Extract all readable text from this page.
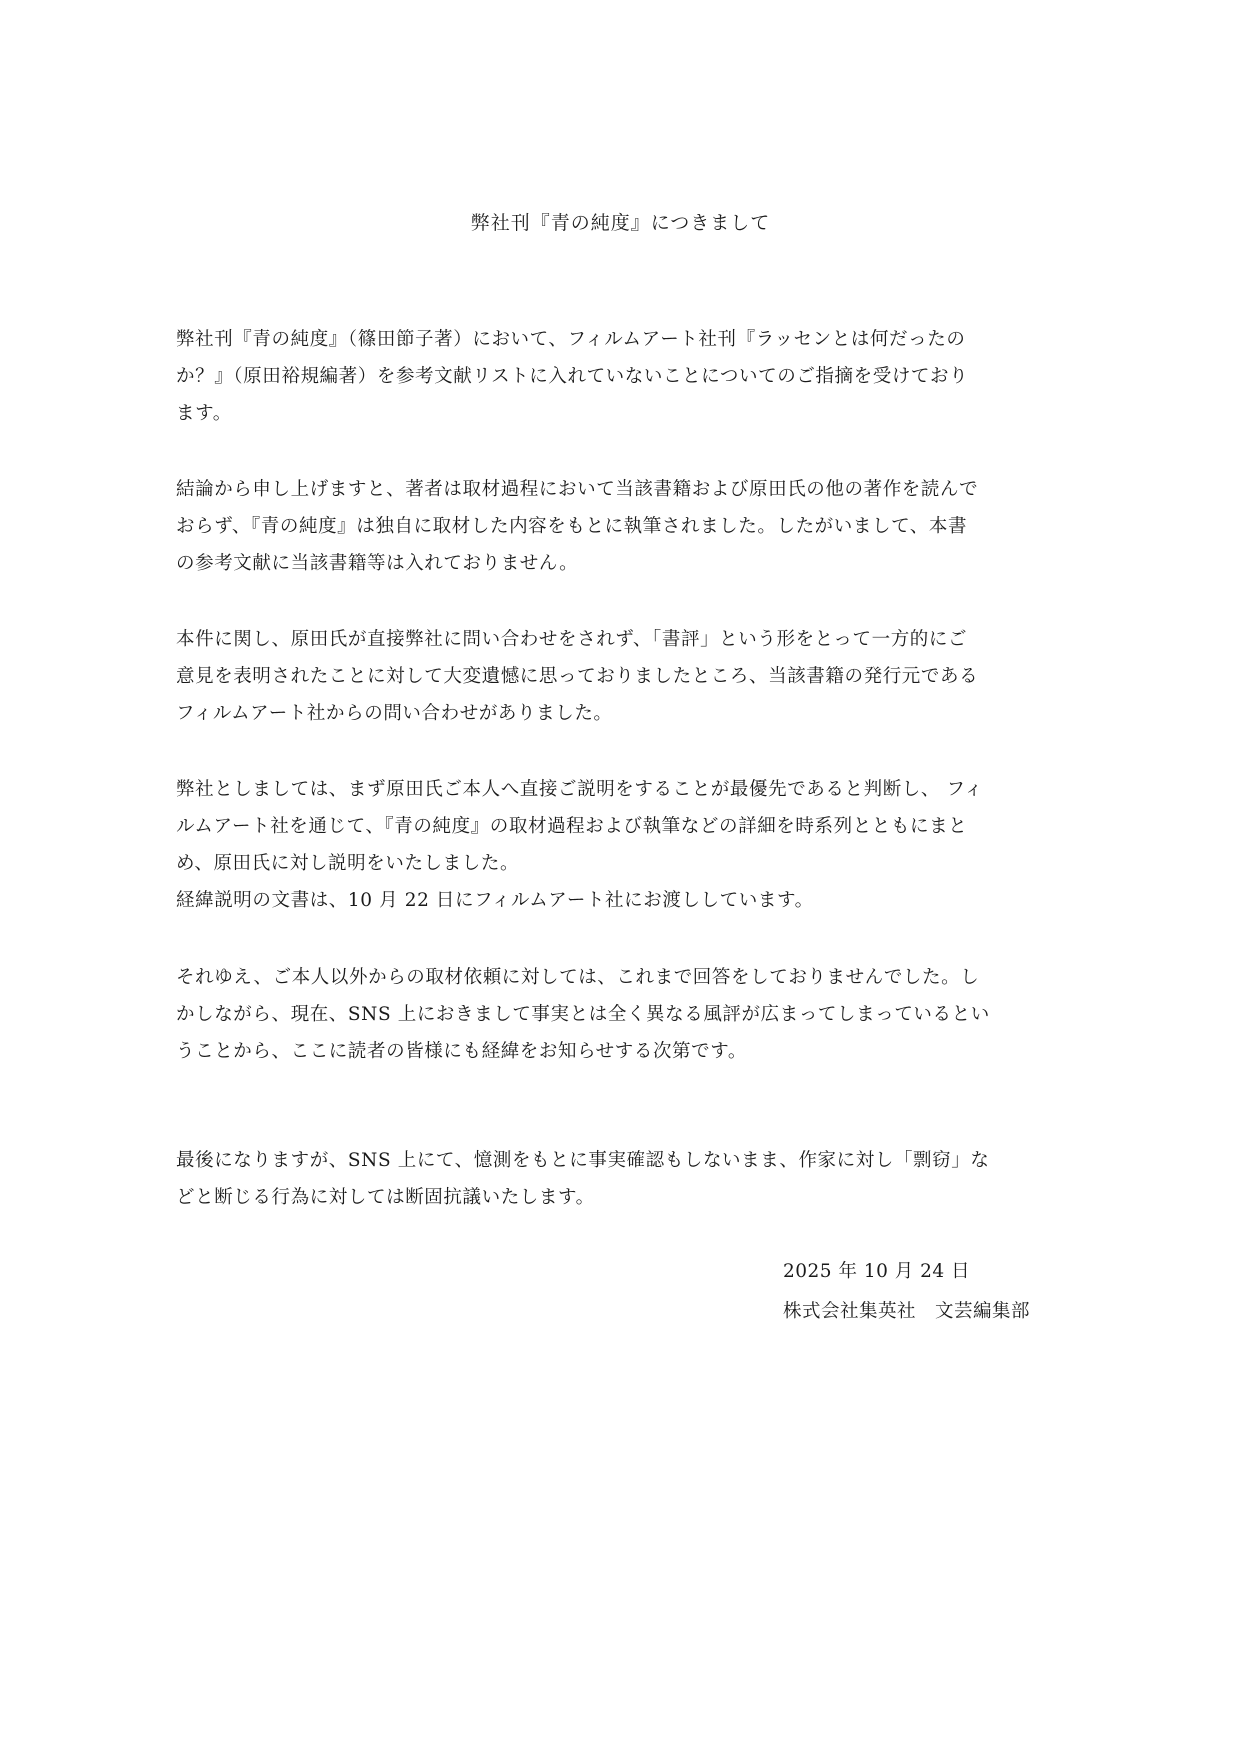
弊社刊『青の純度』につきまして
弊社刊『青の純度』（篠田節子著）において、フィルムアート社刊『ラッセンとは何だったの
か？』（原田裕規編著）を参考文献リストに入れていないことについてのご指摘を受けており
ます。
結論から申し上げますと、著者は取材過程において当該書籍および原田氏の他の著作を読んで
おらず、『青の純度』は独自に取材した内容をもとに執筆されました。したがいまして、本書
の参考文献に当該書籍等は入れておりません。
本件に関し、原田氏が直接弊社に問い合わせをされず、「書評」という形をとって一方的にご
意見を表明されたことに対して大変遺憾に思っておりましたところ、当該書籍の発行元である
フィルムアート社からの問い合わせがありました。
弊社としましては、まず原田氏ご本人へ直接ご説明をすることが最優先であると判断し、 フィ
ルムアート社を通じて、『青の純度』の取材過程および執筆などの詳細を時系列とともにまと
め、原田氏に対し説明をいたしました。
経緯説明の文書は、10 月 22 日にフィルムアート社にお渡ししています。
それゆえ、ご本人以外からの取材依頼に対しては、これまで回答をしておりませんでした。し
かしながら、現在、SNS 上におきまして事実とは全く異なる風評が広まってしまっているとい
うことから、ここに読者の皆様にも経緯をお知らせする次第です。
最後になりますが、SNS 上にて、憶測をもとに事実確認もしないまま、作家に対し「剽窃」な
どと断じる行為に対しては断固抗議いたします。
2025 年 10 月 24 日
株式会社集英社　文芸編集部
